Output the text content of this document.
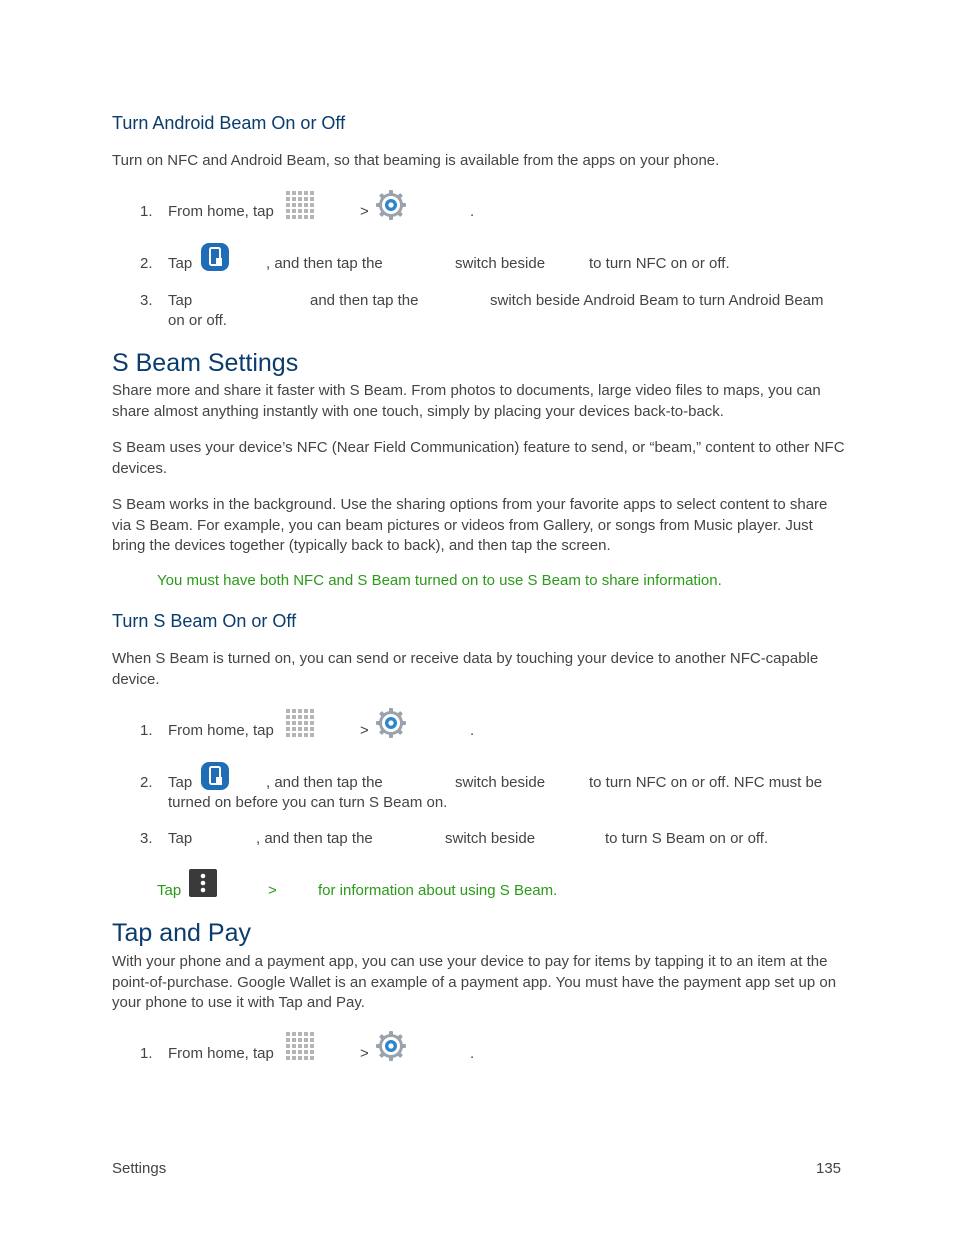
Turn Android Beam On or Off
Turn on NFC and Android Beam, so that beaming is available from the apps on your phone.
1. From home, tap	>	.
2. Tap	, and then tap the	switch beside	to turn NFC on or off.
3. Tap	and then tap the	switch beside Android Beam to turn Android Beam
on or off.
S Beam Settings
Share more and share it faster with S Beam. From photos to documents, large video files to maps, you can share almost anything instantly with one touch, simply by placing your devices back-to-back.
S Beam uses your device’s NFC (Near Field Communication) feature to send, or “beam,” content to other NFC devices.
S Beam works in the background. Use the sharing options from your favorite apps to select content to share via S Beam. For example, you can beam pictures or videos from Gallery, or songs from Music player. Just bring the devices together (typically back to back), and then tap the screen.
You must have both NFC and S Beam turned on to use S Beam to share information.
Turn S Beam On or Off
When S Beam is turned on, you can send or receive data by touching your device to another NFC-capable device.
1. From home, tap	>	.
2. Tap	, and then tap the	switch beside	to turn NFC on or off. NFC must be
turned on before you can turn S Beam on.
3. Tap	, and then tap the	switch beside	to turn S Beam on or off.
Tap	>	for information about using S Beam.
Tap and Pay
With your phone and a payment app, you can use your device to pay for items by tapping it to an item at the point-of-purchase. Google Wallet is an example of a payment app. You must have the payment app set up on your phone to use it with Tap and Pay.
1. From home, tap	>	.
Settings	135
